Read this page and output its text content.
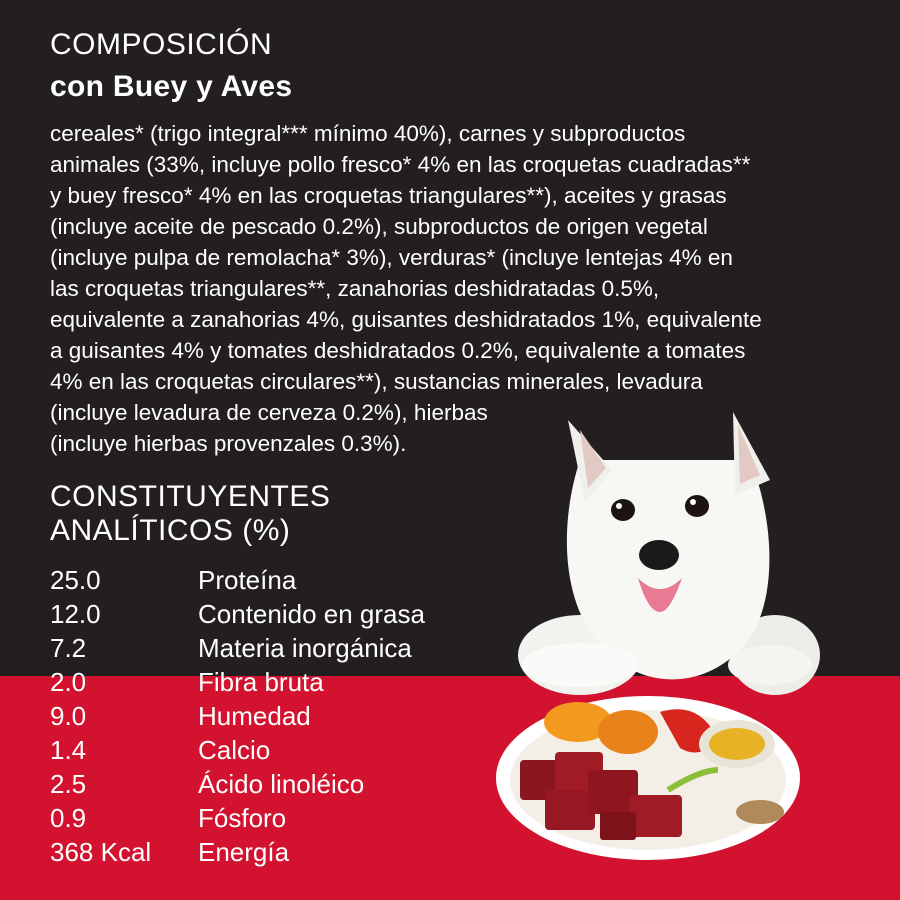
COMPOSICIÓN
con Buey y Aves

cereales* (trigo integral*** mínimo 40%), carnes y subproductos
animales (33%, incluye pollo fresco* 4% en las croquetas cuadradas**
y buey fresco* 4% en las croquetas triangulares**), aceites y grasas
(incluye aceite de pescado 0.2%), subproductos de origen vegetal
(incluye pulpa de remolacha* 3%), verduras* (incluye lentejas 4% en
las croquetas triangulares**, zanahorias deshidratadas 0.5%,
equivalente a zanahorias 4%, guisantes deshidratados 1%, equivalente
a guisantes 4% y tomates deshidratados 0.2%, equivalente a tomates
4% en las croquetas circulares**), sustancias minerales, levadura
(incluye levadura de cerveza 0.2%), hierbas
(incluye hierbas provenzales 0.3%).

CONSTITUYENTES
ANALÍTICOS (%)
25.0	Proteína
12.0	Contenido en grasa
7.2	Materia inorgánica
2.0	Fibra bruta
9.0	Humedad
1.4	Calcio
2.5	Ácido linoléico
0.9	Fósforo
368 Kcal Energía
